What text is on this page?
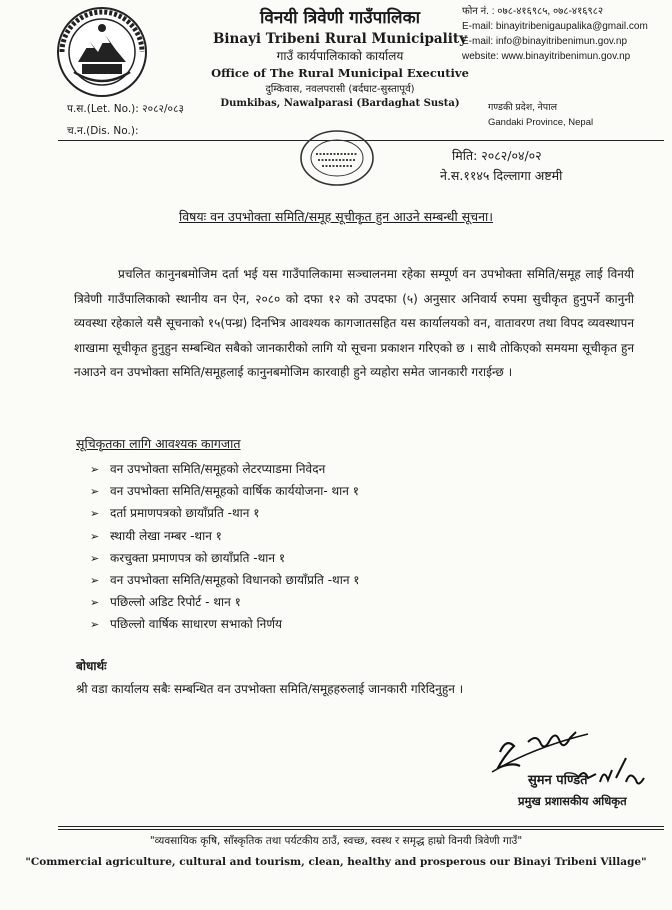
विनयी त्रिवेणी गाउँपालिका
Binayi Tribeni Rural Municipality
गाउँ कार्यपालिकाको कार्यालय
Office of The Rural Municipal Executive
दुम्किवास, नवलपरासी (बर्दघाट-सुस्तापूर्व)
Dumkibas, Nawalparasi (Bardaghat Susta)
फोन नं. : ०७८-४१६९८५, ०७८-४१६९८२
E-mail: binayitribenigaupalika@gmail.com
E-mail: info@binayitribenimun.gov.np
website: www.binayitribenimun.gov.np
गण्डकी प्रदेश, नेपाल
Gandaki Province, Nepal
प.स.(Let. No.): २०८२/०८३
च.न.(Dis. No.):
मिति: २०८२/०४/०२
ने.स.११४५ दिल्लागा अष्टमी
विषयः वन उपभोक्ता समिति/समूह सूचीकृत हुन आउने सम्बन्धी सूचना।

प्रचलित कानुनबमोजिम दर्ता भई यस गाउँपालिकामा सञ्चालनमा रहेका सम्पूर्ण वन उपभोक्ता समिति/समूह लाई विनयी त्रिवेणी गाउँपालिकाको स्थानीय वन ऐन, २०८० को दफा १२ को उपदफा (५) अनुसार अनिवार्य रुपमा सुचीकृत हुनुपर्ने कानुनी व्यवस्था रहेकाले यसै सूचनाको १५(पन्ध्र) दिनभित्र आवश्यक कागजातसहित यस कार्यालयको वन, वातावरण तथा विपद व्यवस्थापन शाखामा सूचीकृत हुनुहुन सम्बन्धित सबैको जानकारीको लागि यो सूचना प्रकाशन गरिएको छ । साथै तोकिएको समयमा सूचीकृत हुन नआउने वन उपभोक्ता समिति/समूहलाई कानुनबमोजिम कारवाही हुने व्यहोरा समेत जानकारी गराईन्छ ।

सूचिकृतका लागि आवश्यक कागजात
➢ वन उपभोक्ता समिति/समूहको लेटरप्याडमा निवेदन
➢ वन उपभोक्ता समिति/समूहको वार्षिक कार्ययोजना- थान १
➢ दर्ता प्रमाणपत्रको छायाँप्रति -थान १
➢ स्थायी लेखा नम्बर -थान १
➢ करचुक्ता प्रमाणपत्र को छायाँप्रति -थान १
➢ वन उपभोक्ता समिति/समूहको विधानको छायाँप्रति -थान १
➢ पछिल्लो अडिट रिपोर्ट - थान १
➢ पछिल्लो वार्षिक साधारण सभाको निर्णय
बोधार्थः
श्री वडा कार्यालय सबैः सम्बन्धित वन उपभोक्ता समिति/समूहहरुलाई जानकारी गरिदिनुहुन ।
सुमन पण्डित
प्रमुख प्रशासकीय अधिकृत
"व्यवसायिक कृषि, साँस्कृतिक तथा पर्यटकीय ठाउँ, स्वच्छ, स्वस्थ र समृद्ध हाम्रो विनयी त्रिवेणी गाउँ"
"Commercial agriculture, cultural and tourism, clean, healthy and prosperous our Binayi Tribeni Village"
